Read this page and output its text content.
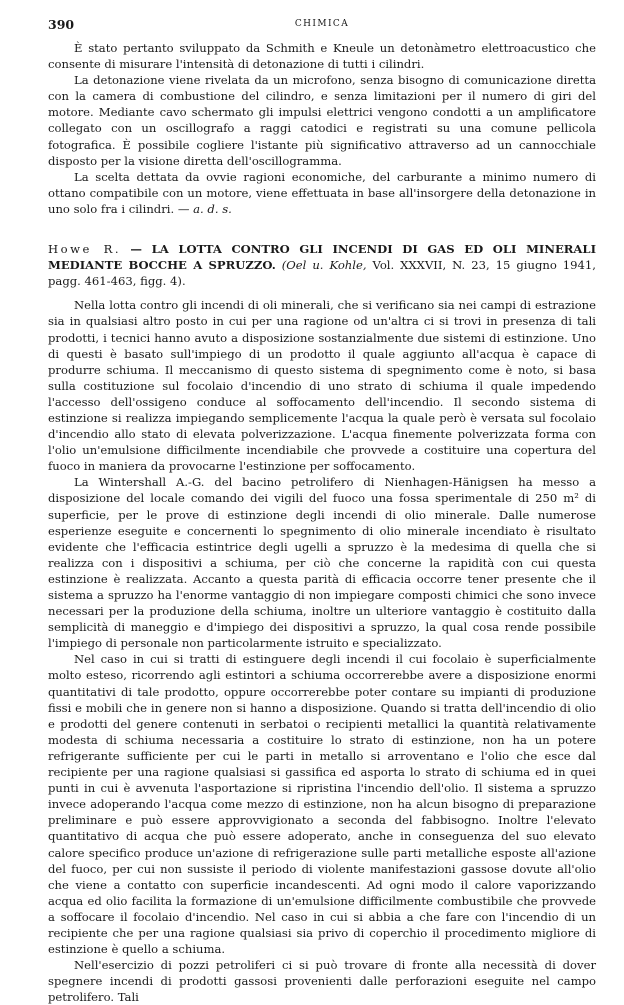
390	CHIMICA

È stato pertanto sviluppato da Schmith e Kneule un detonàmetro elettroacustico che consente di misurare l'intensità di detonazione di tutti i cilindri.

La detonazione viene rivelata da un microfono, senza bisogno di comunicazione diretta con la camera di combustione del cilindro, e senza limitazioni per il numero di giri del motore. Mediante cavo schermato gli impulsi elettrici vengono condotti a un amplificatore collegato con un oscillografo a raggi catodici e registrati su una comune pellicola fotografica. È possibile cogliere l'istante più significativo attraverso ad un cannocchiale disposto per la visione diretta dell'oscillogramma.

La scelta dettata da ovvie ragioni economiche, del carburante a minimo numero di ottano compatibile con un motore, viene effettuata in base all'insorgere della detonazione in uno solo fra i cilindri. — a. d. s.

Howe R. — LA LOTTA CONTRO GLI INCENDI DI GAS ED OLI MINERALI MEDIANTE BOCCHE A SPRUZZO. (Oel u. Kohle, Vol. XXXVII, N. 23, 15 giugno 1941, pagg. 461-463, figg. 4).

Nella lotta contro gli incendi di oli minerali, che si verificano sia nei campi di estrazione sia in qualsiasi altro posto in cui per una ragione od un'altra ci si trovi in presenza di tali prodotti, i tecnici hanno avuto a disposizione sostanzialmente due sistemi di estinzione. Uno di questi è basato sull'impiego di un prodotto il quale aggiunto all'acqua è capace di produrre schiuma. Il meccanismo di questo sistema di spegnimento come è noto, si basa sulla costituzione sul focolaio d'incendio di uno strato di schiuma il quale impedendo l'accesso dell'ossigeno conduce al soffocamento dell'incendio. Il secondo sistema di estinzione si realizza impiegando semplicemente l'acqua la quale però è versata sul focolaio d'incendio allo stato di elevata polverizzazione. L'acqua finemente polverizzata forma con l'olio un'emulsione difficilmente incendiabile che provvede a costituire una copertura del fuoco in maniera da provocarne l'estinzione per soffocamento.

La Wintershall A.-G. del bacino petrolifero di Nienhagen-Hänigsen ha messo a disposizione del locale comando dei vigili del fuoco una fossa sperimentale di 250 m² di superficie, per le prove di estinzione degli incendi di olio minerale. Dalle numerose esperienze eseguite e concernenti lo spegnimento di olio minerale incendiato è risultato evidente che l'efficacia estintrice degli ugelli a spruzzo è la medesima di quella che si realizza con i dispositivi a schiuma, per ciò che concerne la rapidità con cui questa estinzione è realizzata. Accanto a questa parità di efficacia occorre tener presente che il sistema a spruzzo ha l'enorme vantaggio di non impiegare composti chimici che sono invece necessari per la produzione della schiuma, inoltre un ulteriore vantaggio è costituito dalla semplicità di maneggio e d'impiego dei dispositivi a spruzzo, la qual cosa rende possibile l'impiego di personale non particolarmente istruito e specializzato.

Nel caso in cui si tratti di estinguere degli incendi il cui focolaio è superficialmente molto esteso, ricorrendo agli estintori a schiuma occorrerebbe avere a disposizione enormi quantitativi di tale prodotto, oppure occorrerebbe poter contare su impianti di produzione fissi e mobili che in genere non si hanno a disposizione. Quando si tratta dell'incendio di olio e prodotti del genere contenuti in serbatoi o recipienti metallici la quantità relativamente modesta di schiuma necessaria a costituire lo strato di estinzione, non ha un potere refrigerante sufficiente per cui le parti in metallo si arroventano e l'olio che esce dal recipiente per una ragione qualsiasi si gassifica ed asporta lo strato di schiuma ed in quei punti in cui è avvenuta l'asportazione si ripristina l'incendio dell'olio. Il sistema a spruzzo invece adoperando l'acqua come mezzo di estinzione, non ha alcun bisogno di preparazione preliminare e può essere approvvigionato a seconda del fabbisogno. Inoltre l'elevato quantitativo di acqua che può essere adoperato, anche in conseguenza del suo elevato calore specifico produce un'azione di refrigerazione sulle parti metalliche esposte all'azione del fuoco, per cui non sussiste il periodo di violente manifestazioni gassose dovute all'olio che viene a contatto con superficie incandescenti. Ad ogni modo il calore vaporizzando acqua ed olio facilita la formazione di un'emulsione difficilmente combustibile che provvede a soffocare il focolaio d'incendio. Nel caso in cui si abbia a che fare con l'incendio di un recipiente che per una ragione qualsiasi sia privo di coperchio il procedimento migliore di estinzione è quello a schiuma.

Nell'esercizio di pozzi petroliferi ci si può trovare di fronte alla necessità di dover spegnere incendi di prodotti gassosi provenienti dalle perforazioni eseguite nel campo petrolifero. Tali
